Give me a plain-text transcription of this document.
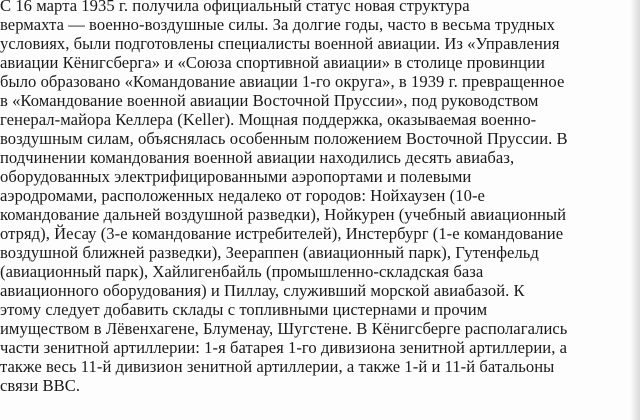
С 16 марта 1935 г. получила официальный статус новая структура
вермахта — военно-воздушные силы. За долгие годы, часто в весьма трудных
условиях, были подготовлены специалисты военной авиации. Из «Управления
авиации Кёнигсберга» и «Союза спортивной авиации» в столице провинции
было образовано «Командование авиации 1-го округа», в 1939 г. превращенное
в «Командование военной авиации Восточной Пруссии», под руководством
генерал-майора Келлера (Keller). Мощная поддержка, оказываемая военно-
воздушным силам, объяснялась особенным положением Восточной Пруссии. В
подчинении командования военной авиации находились десять авиабаз,
оборудованных электрифицированными аэропортами и полевыми
аэродромами, расположенных недалеко от городов: Нойхаузен (10-е
командование дальней воздушной разведки), Нойкурен (учебный авиационный
отряд), Йесау (3-е командование истребителей), Инстербург (1-е командование
воздушной ближней разведки), Зеераппен (авиационный парк), Гутенфельд
(авиационный парк), Хайлигенбайль (промышленно-складская база
авиационного оборудования) и Пиллау, служивший морской авиабазой. К
этому следует добавить склады с топливными цистернами и прочим
имуществом в Лёвенхагене, Блуменау, Шугстене. В Кёнигсберге располагались
части зенитной артиллерии: 1-я батарея 1-го дивизиона зенитной артиллерии, а
также весь 11-й дивизион зенитной артиллерии, а также 1-й и 11-й батальоны
связи ВВС.
